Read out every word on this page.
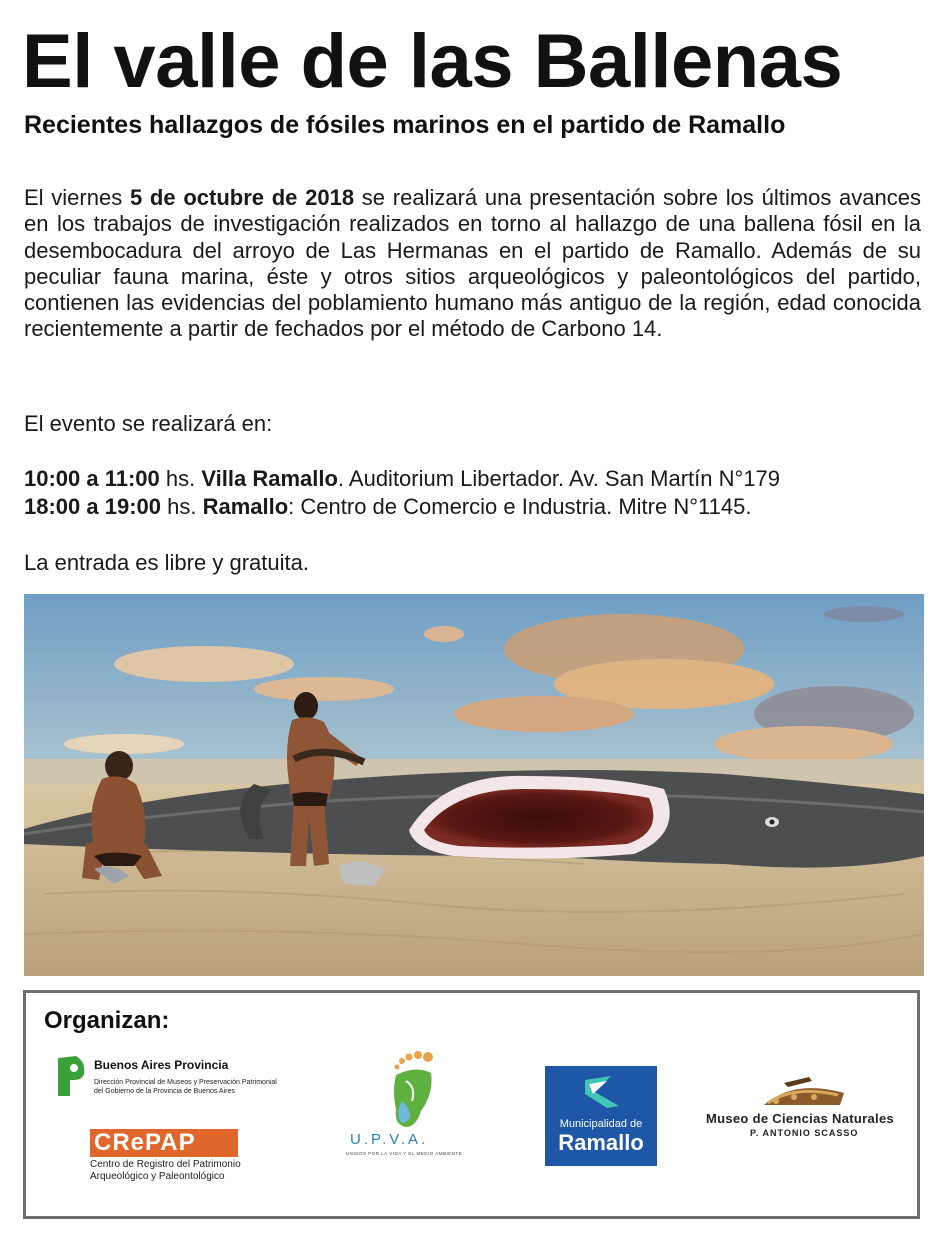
El valle de las Ballenas
Recientes hallazgos de fósiles marinos en el partido de Ramallo

El viernes 5 de octubre de 2018 se realizará una presentación sobre los últimos avances en los trabajos de investigación realizados en torno al hallazgo de una ballena fósil en la desembocadura del arroyo de Las Hermanas en el partido de Ramallo. Además de su peculiar fauna marina, éste y otros sitios arqueológicos y paleontológicos del partido, contienen las evidencias del poblamiento humano más antiguo de la región, edad conocida recientemente a partir de fechados por el método de Carbono 14.

El evento se realizará en:

10:00 a 11:00 hs. Villa Ramallo. Auditorium Libertador. Av. San Martín N°179

18:00 a 19:00 hs. Ramallo: Centro de Comercio e Industria. Mitre N°1145.

La entrada es libre y gratuita.

Organizan:

Buenos Aires Provincia
Dirección Provincial de Museos y Preservación Patrimonial
del Gobierno de la Provincia de Buenos Aires
CRePAP
Centro de Registro del Patrimonio
Arqueológico y Paleontológico
U.P.V.A.
UNIDOS POR LA VIDA Y EL MEDIO AMBIENTE
Municipalidad de
Ramallo
Museo de Ciencias Naturales
P. ANTONIO SCASSO
